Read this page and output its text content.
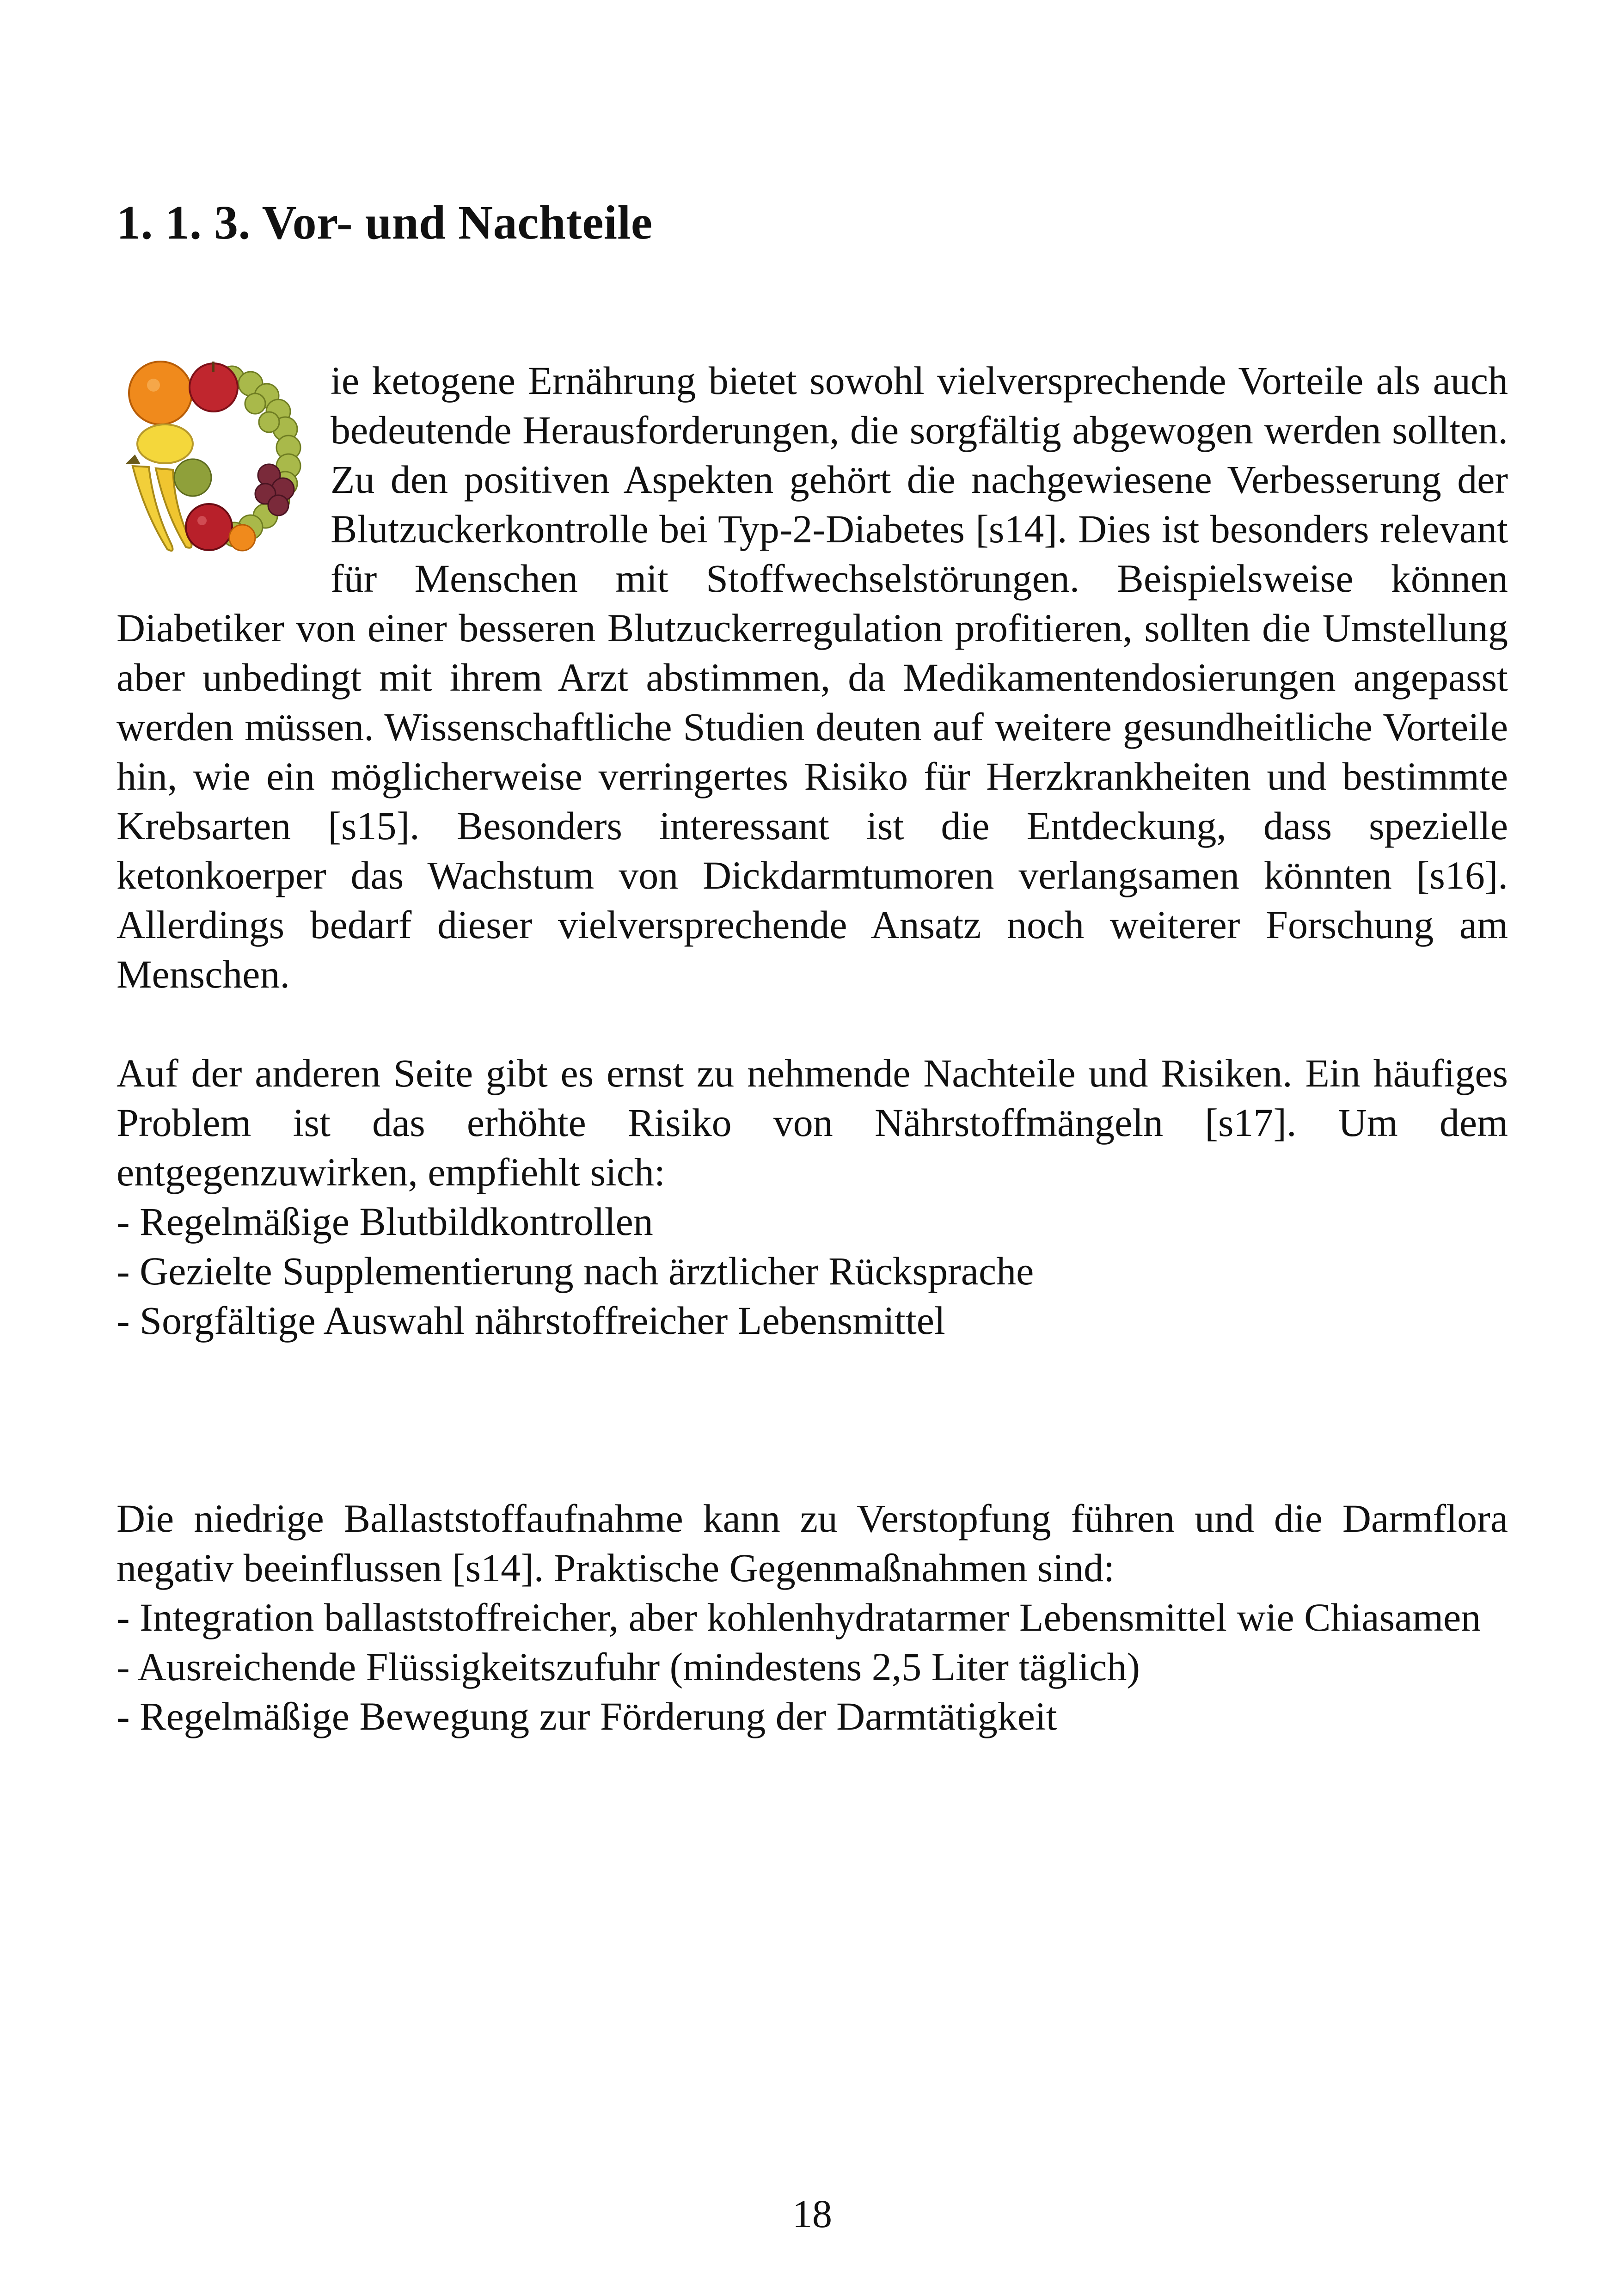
1. 1. 3. Vor- und Nachteile

ie ketogene Ernährung bietet sowohl vielversprechende Vorteile als auch bedeutende Herausforderungen, die sorgfältig abgewogen werden sollten. Zu den positiven Aspekten gehört die nachgewiesene Verbesserung der Blutzuckerkontrolle bei Typ-2-Diabetes [s14]. Dies ist besonders relevant für Menschen mit Stoffwechselstörungen. Beispielsweise können Diabetiker von einer besseren Blutzuckerregulation profitieren, sollten die Umstellung aber unbedingt mit ihrem Arzt abstimmen, da Medikamentendosierungen angepasst werden müssen. Wissenschaftliche Studien deuten auf weitere gesundheitliche Vorteile hin, wie ein möglicherweise verringertes Risiko für Herzkrankheiten und bestimmte Krebsarten [s15]. Besonders interessant ist die Entdeckung, dass spezielle ketonkoerper das Wachstum von Dickdarmtumoren verlangsamen könnten [s16]. Allerdings bedarf dieser vielversprechende Ansatz noch weiterer Forschung am Menschen.

Auf der anderen Seite gibt es ernst zu nehmende Nachteile und Risiken. Ein häufiges Problem ist das erhöhte Risiko von Nährstoffmängeln [s17]. Um dem entgegenzuwirken, empfiehlt sich:

- Regelmäßige Blutbildkontrollen
- Gezielte Supplementierung nach ärztlicher Rücksprache
- Sorgfältige Auswahl nährstoffreicher Lebensmittel

Die niedrige Ballaststoffaufnahme kann zu Verstopfung führen und die Darmflora negativ beeinflussen [s14]. Praktische Gegenmaßnahmen sind:

- Integration ballaststoffreicher, aber kohlenhydratarmer Lebensmittel wie Chiasamen
- Ausreichende Flüssigkeitszufuhr (mindestens 2,5 Liter täglich)
- Regelmäßige Bewegung zur Förderung der Darmtätigkeit
18
